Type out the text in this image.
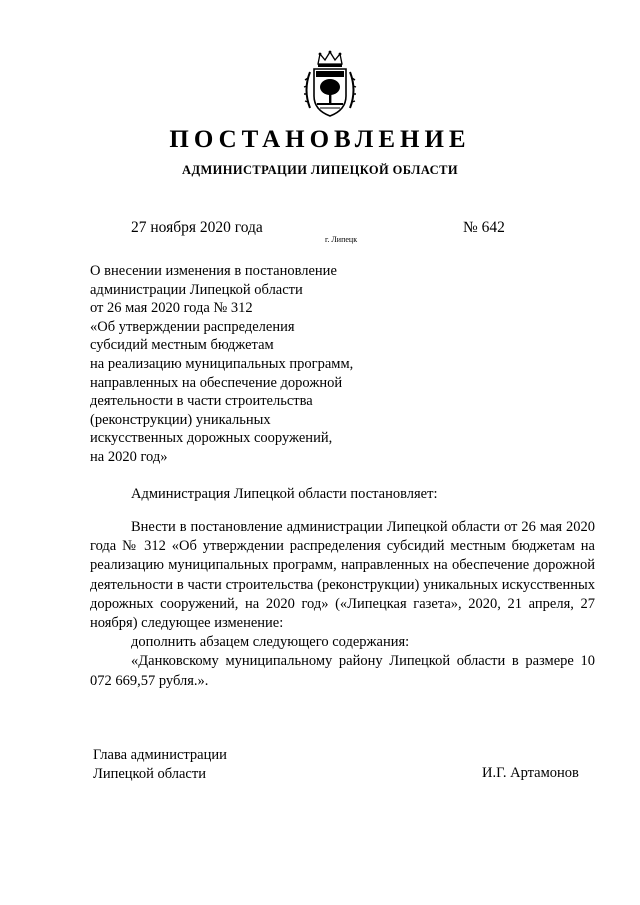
ПОСТАНОВЛЕНИЕ
АДМИНИСТРАЦИИ ЛИПЕЦКОЙ ОБЛАСТИ
27 ноября 2020 года
г. Липецк
№ 642
О внесении изменения в постановление
администрации Липецкой области
от 26 мая 2020 года № 312
«Об утверждении распределения
субсидий местным бюджетам
на реализацию муниципальных программ,
направленных на обеспечение дорожной
деятельности в части строительства
(реконструкции) уникальных
искусственных дорожных сооружений,
на 2020 год»
Администрация Липецкой области постановляет:

Внести в постановление администрации Липецкой области от 26 мая 2020 года № 312 «Об утверждении распределения субсидий местным бюджетам на реализацию муниципальных программ, направленных на обеспечение дорожной деятельности в части строительства (реконструкции) уникальных искусственных дорожных сооружений, на 2020 год» («Липецкая газета», 2020, 21 апреля, 27 ноября) следующее изменение:

дополнить абзацем следующего содержания:

«Данковскому муниципальному району Липецкой области в размере 10 072 669,57 рубля.».

Глава администрации
Липецкой области	И.Г. Артамонов
